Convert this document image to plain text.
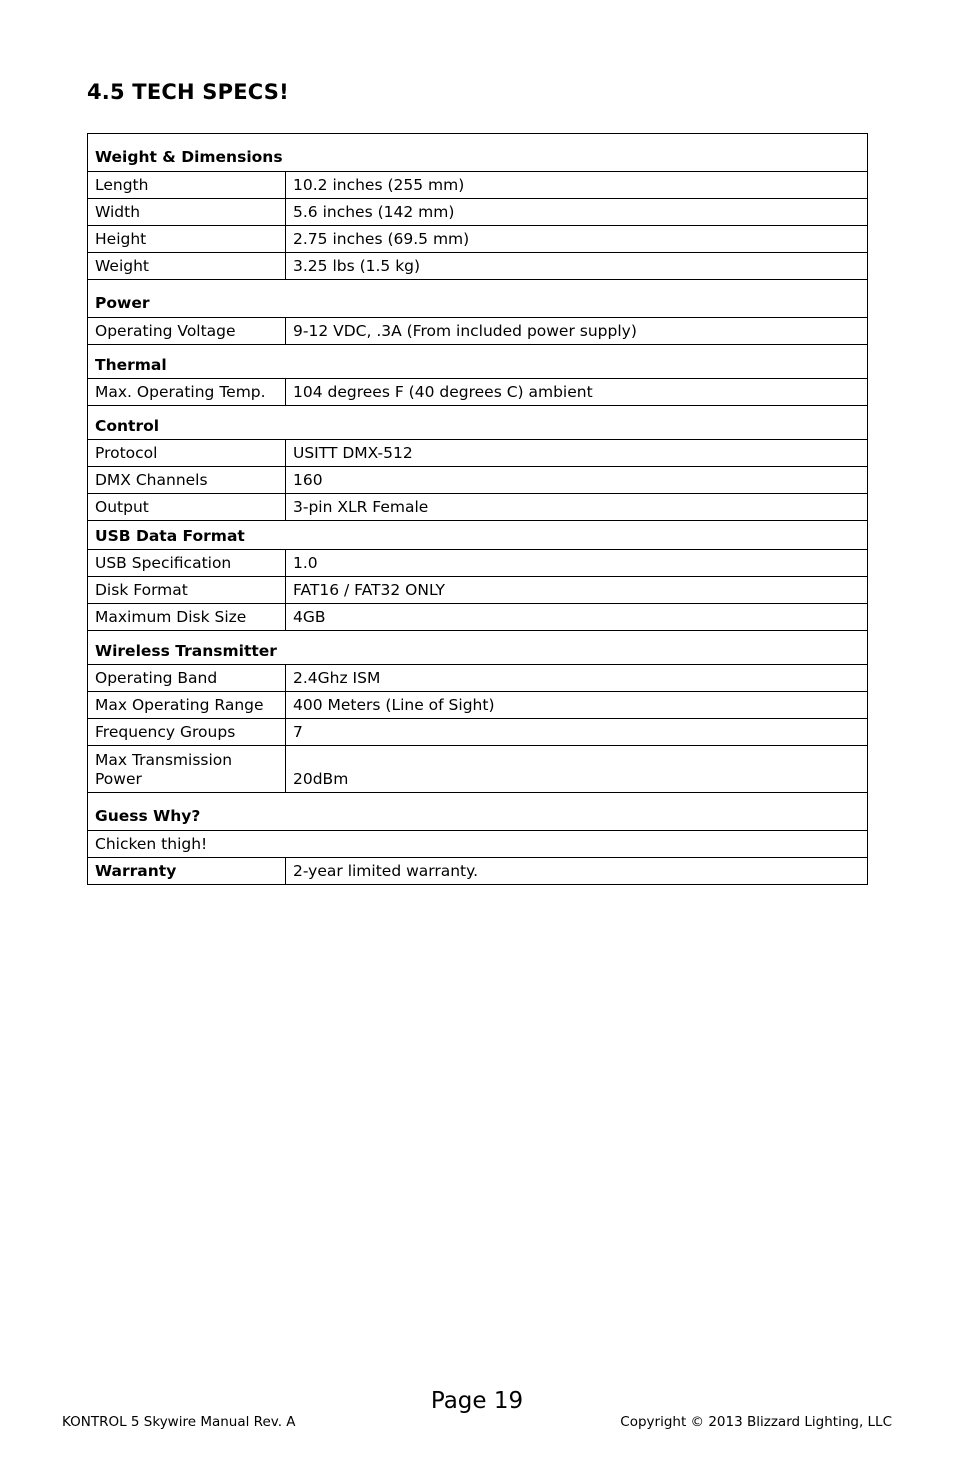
4.5 TECH SPECS!
Weight & Dimensions	
Length	10.2 inches (255 mm)
Width	5.6 inches (142 mm)
Height	2.75 inches (69.5 mm)
Weight	3.25 lbs (1.5 kg)
Power	
Operating Voltage	9-12 VDC, .3A (From included power supply)
Thermal	
Max. Operating Temp.	104 degrees F (40 degrees C) ambient
Control	
Protocol	USITT DMX-512
DMX Channels	160
Output	3-pin XLR Female
USB Data Format	
USB Specification	1.0
Disk Format	FAT16 / FAT32 ONLY
Maximum Disk Size	4GB
Wireless Transmitter	
Operating Band	2.4Ghz ISM
Max Operating Range	400 Meters (Line of Sight)
Frequency Groups	7
Max Transmission Power	20dBm
Guess Why?	
Chicken thigh!	
Warranty	2-year limited warranty.
Page 19
KONTROL 5 Skywire Manual Rev. A	Copyright © 2013 Blizzard Lighting, LLC
